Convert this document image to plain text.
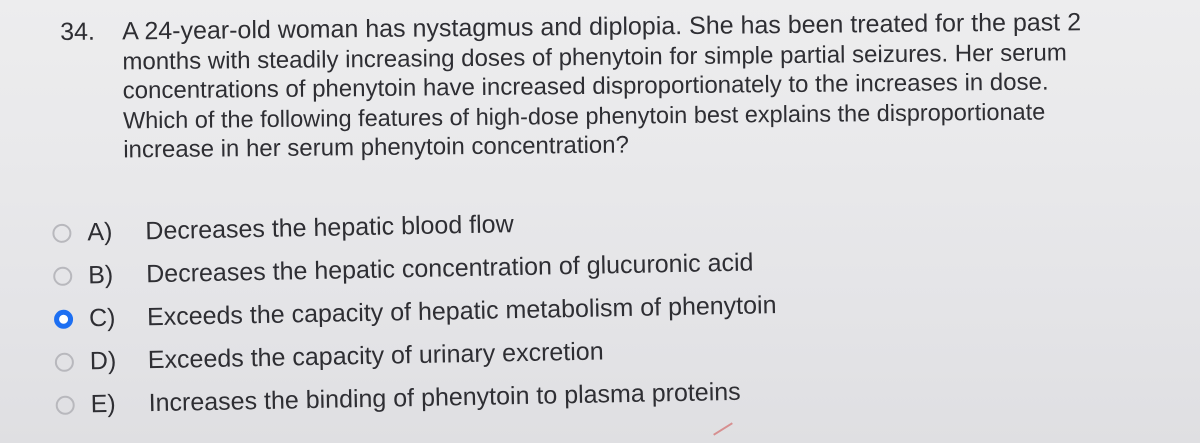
34. A 24-year-old woman has nystagmus and diplopia. She has been treated for the past 2
months with steadily increasing doses of phenytoin for simple partial seizures. Her serum
concentrations of phenytoin have increased disproportionately to the increases in dose.
Which of the following features of high-dose phenytoin best explains the disproportionate
increase in her serum phenytoin concentration?
A)	Decreases the hepatic blood flow
B)	Decreases the hepatic concentration of glucuronic acid
C)	Exceeds the capacity of hepatic metabolism of phenytoin
D)	Exceeds the capacity of urinary excretion
E)	Increases the binding of phenytoin to plasma proteins
